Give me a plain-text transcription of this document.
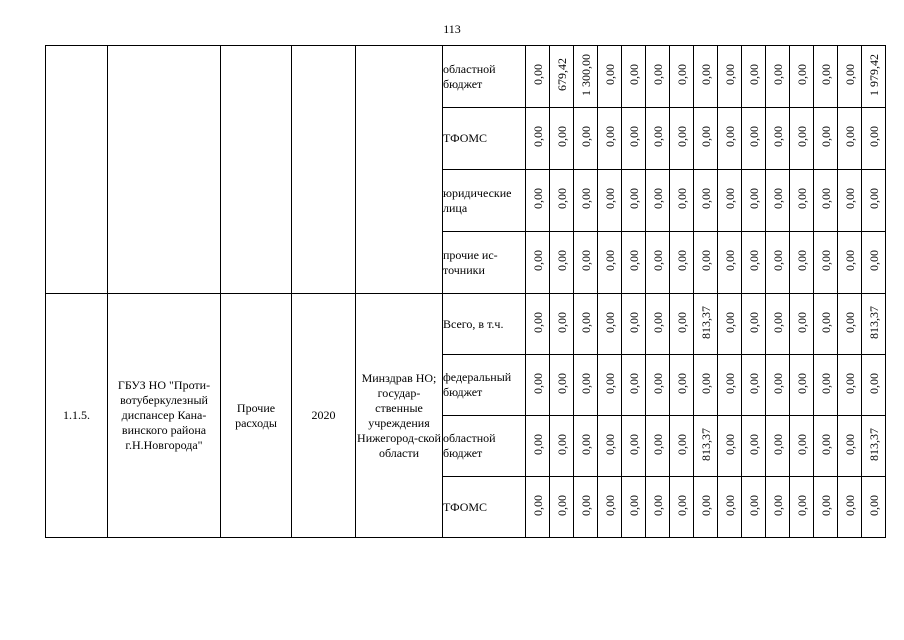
113
					областной бюджет	0,00	679,42	1 300,00	0,00	0,00	0,00	0,00	0,00	0,00	0,00	0,00	0,00	0,00	0,00	1 979,42
					ТФОМС	0,00	0,00	0,00	0,00	0,00	0,00	0,00	0,00	0,00	0,00	0,00	0,00	0,00	0,00	0,00
					юридические лица	0,00	0,00	0,00	0,00	0,00	0,00	0,00	0,00	0,00	0,00	0,00	0,00	0,00	0,00	0,00
					прочие ис-точники	0,00	0,00	0,00	0,00	0,00	0,00	0,00	0,00	0,00	0,00	0,00	0,00	0,00	0,00	0,00
1.1.5.	ГБУЗ НО "Проти-вотуберкулезный диспансер Кана-винского района г.Н.Новгорода"	Прочие расходы	2020	Минздрав НО; государ-ственные учреждения Нижегород-ской области	Всего, в т.ч.	0,00	0,00	0,00	0,00	0,00	0,00	0,00	813,37	0,00	0,00	0,00	0,00	0,00	0,00	813,37
					федеральный бюджет	0,00	0,00	0,00	0,00	0,00	0,00	0,00	0,00	0,00	0,00	0,00	0,00	0,00	0,00	0,00
					областной бюджет	0,00	0,00	0,00	0,00	0,00	0,00	0,00	813,37	0,00	0,00	0,00	0,00	0,00	0,00	813,37
					ТФОМС	0,00	0,00	0,00	0,00	0,00	0,00	0,00	0,00	0,00	0,00	0,00	0,00	0,00	0,00	0,00
